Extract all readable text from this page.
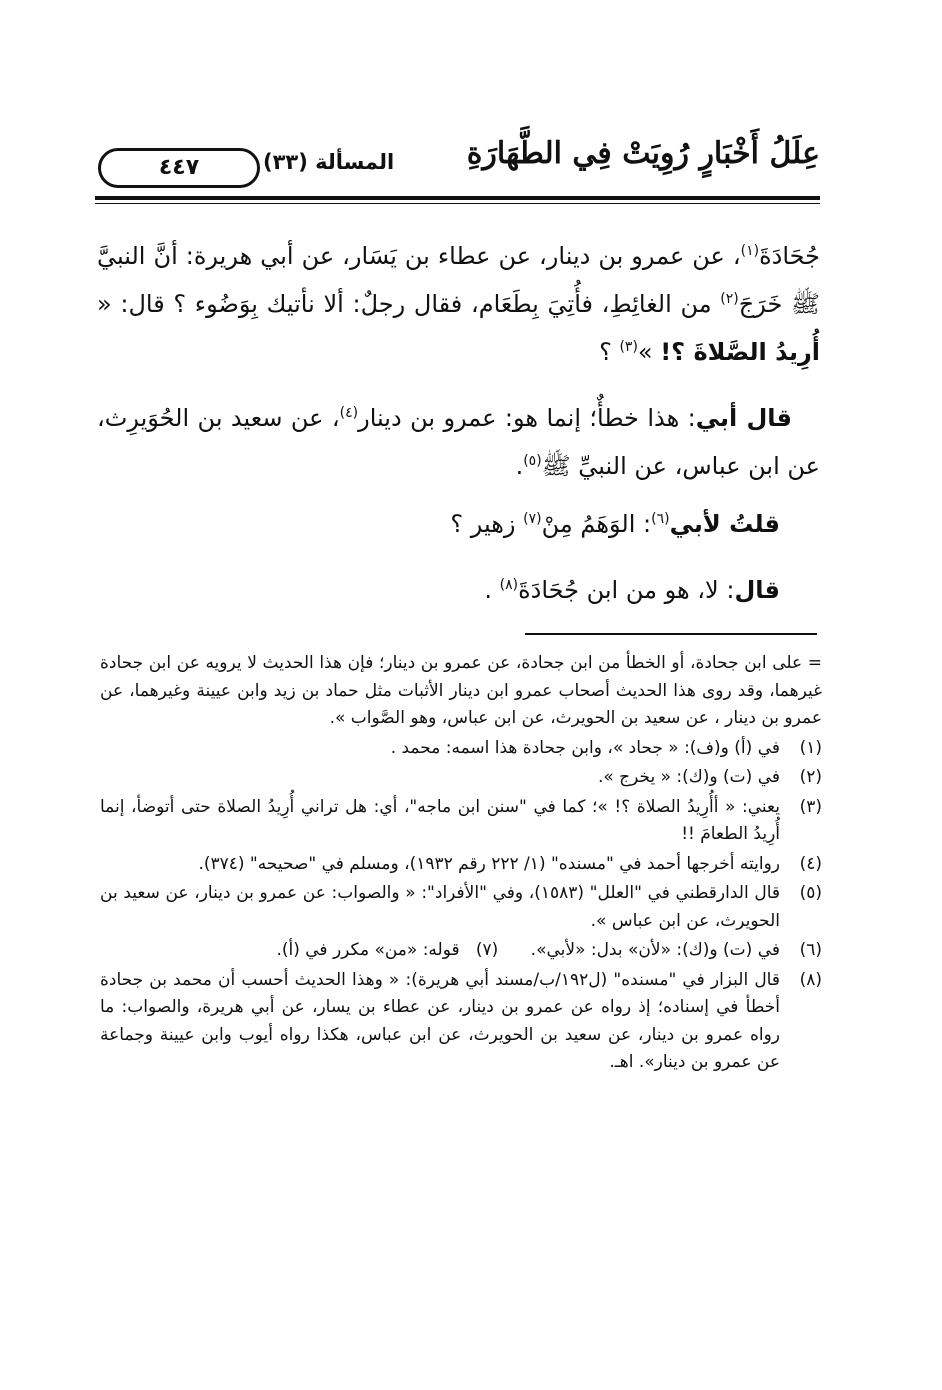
عِلَلُ أَخْبَارٍ رُوِيَتْ فِي الطَّهَارَةِ
المسألة (٣٣)
٤٤٧

جُحَادَةَ$^{(١)}$، عن عمرو بن دينار، عن عطاء بن يَسَار، عن أبي هريرة: أنَّ النبيَّ ﷺ خَرَجَ$^{(٢)}$ من الغائِطِ، فأُتِيَ بِطَعَام، فقال رجلٌ: ألا نأتيك بِوَضُوء ؟ قال: « أُرِيدُ الصَّلاةَ ؟! »$^{(٣)}$ ؟

قال أبي: هذا خطأٌ؛ إنما هو: عمرو بن دينار$^{(٤)}$، عن سعيد بن الحُوَيرِث، عن ابن عباس، عن النبيِّ ﷺ$^{(٥)}$.

قلتُ لأبي$^{(٦)}$: الوَهَمُ مِنْ$^{(٧)}$ زهير ؟

قال: لا، هو من ابن جُحَادَةَ$^{(٨)}$ .

= على ابن جحادة، أو الخطأ من ابن جحادة، عن عمرو بن دينار؛ فإن هذا الحديث لا يرويه عن ابن جحادة غيرهما، وقد روى هذا الحديث أصحاب عمرو ابن دينار الأثبات مثل حماد بن زيد وابن عيينة وغيرهما، عن عمرو بن دينار ، عن سعيد بن الحويرث، عن ابن عباس، وهو الصَّواب ».

(١)
في (أ) و(ف): « جحاد »، وابن جحادة هذا اسمه: محمد .
(٢)
في (ت) و(ك): « يخرج ».
(٣)
يعني: « أأُرِيدُ الصلاة ؟! »؛ كما في "سنن ابن ماجه"، أي: هل تراني أُرِيدُ الصلاة حتى أتوضأ، إنما أُرِيدُ الطعامَ !!
(٤)
روايته أخرجها أحمد في "مسنده" (١/ ٢٢٢ رقم ١٩٣٢)، ومسلم في "صحيحه" (٣٧٤).
(٥)
قال الدارقطني في "العلل" (١٥٨٣)، وفي "الأفراد": « والصواب: عن عمرو بن دينار، عن سعيد بن الحويرث، عن ابن عباس ».
(٦)
في (ت) و(ك): «لأن» بدل: «لأبي».      (٧)   قوله: «من» مكرر في (أ).
(٨)
قال البزار في "مسنده" (ل١٩٢/ب/مسند أبي هريرة): « وهذا الحديث أحسب أن محمد بن جحادة أخطأ في إسناده؛ إذ رواه عن عمرو بن دينار، عن عطاء بن يسار، عن أبي هريرة، والصواب: ما رواه عمرو بن دينار، عن سعيد بن الحويرث، عن ابن عباس، هكذا رواه أيوب وابن عيينة وجماعة عن عمرو بن دينار». اهـ.
